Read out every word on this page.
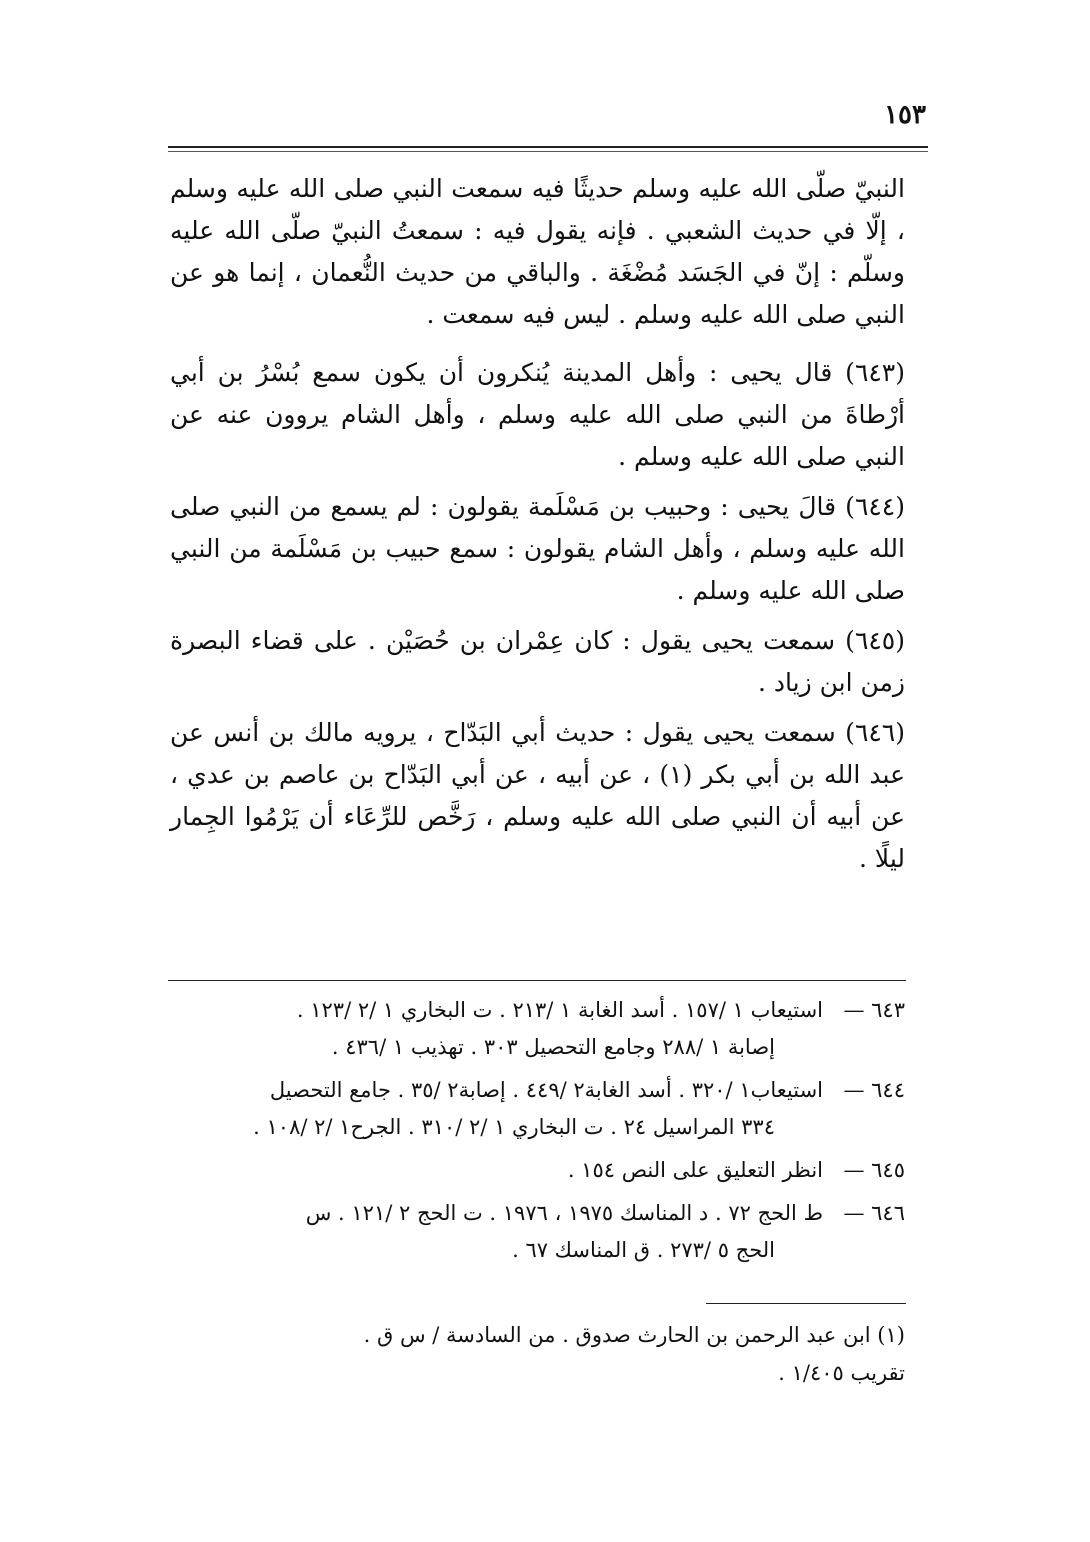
١٥٣

النبيّ صلّى الله عليه وسلم حديثًا فيه سمعت النبي صلى الله عليه وسلم ، إلّا في حديث الشعبي . فإنه يقول فيه : سمعتُ النبيّ صلّى الله عليه وسلّم : إنّ في الجَسَد مُضْغَة . والباقي من حديث النُّعمان ، إنما هو عن النبي صلى الله عليه وسلم . ليس فيه سمعت .

(٦٤٣) قال يحيى : وأهل المدينة يُنكرون أن يكون سمع بُسْرُ بن أبي أرْطاةَ من النبي صلى الله عليه وسلم ، وأهل الشام يروون عنه عن النبي صلى الله عليه وسلم .

(٦٤٤) قالَ يحيى : وحبيب بن مَسْلَمة يقولون : لم يسمع من النبي صلى الله عليه وسلم ، وأهل الشام يقولون : سمع حبيب بن مَسْلَمة من النبي صلى الله عليه وسلم .

(٦٤٥) سمعت يحيى يقول : كان عِمْران بن حُصَيْن . على قضاء البصرة زمن ابن زياد .

(٦٤٦) سمعت يحيى يقول : حديث أبي البَدّاح ، يرويه مالك بن أنس عن عبد الله بن أبي بكر (١) ، عن أبيه ، عن أبي البَدّاح بن عاصم بن عدي ، عن أبيه أن النبي صلى الله عليه وسلم ، رَخَّص للرِّعَاء أن يَرْمُوا الجِمار ليلًا .

٦٤٣ —استيعاب ١ /١٥٧ . أسد الغابة ١ /٢١٣ . ت البخاري ١ /٢ /١٢٣ .
إصابة ١ /٢٨٨ وجامع التحصيل ٣٠٣ . تهذيب ١ /٤٣٦ .
٦٤٤ —استيعاب١ /٣٢٠ . أسد الغابة٢ /٤٤٩ . إصابة٢ /٣٥ . جامع التحصيل
٣٣٤ المراسيل ٢٤ . ت البخاري ١ /٢ /٣١٠ . الجرح١ /٢ /١٠٨ .
٦٤٥ —انظر التعليق على النص ١٥٤ .
٦٤٦ —ط الحج ٧٢ . د المناسك ١٩٧٥ ، ١٩٧٦ . ت الحج ٢ /١٢١ . س
الحج ٥ /٢٧٣ . ق المناسك ٦٧ .

(١) ابن عبد الرحمن بن الحارث صدوق . من السادسة / س ق .

تقريب ١/٤٠٥ .
